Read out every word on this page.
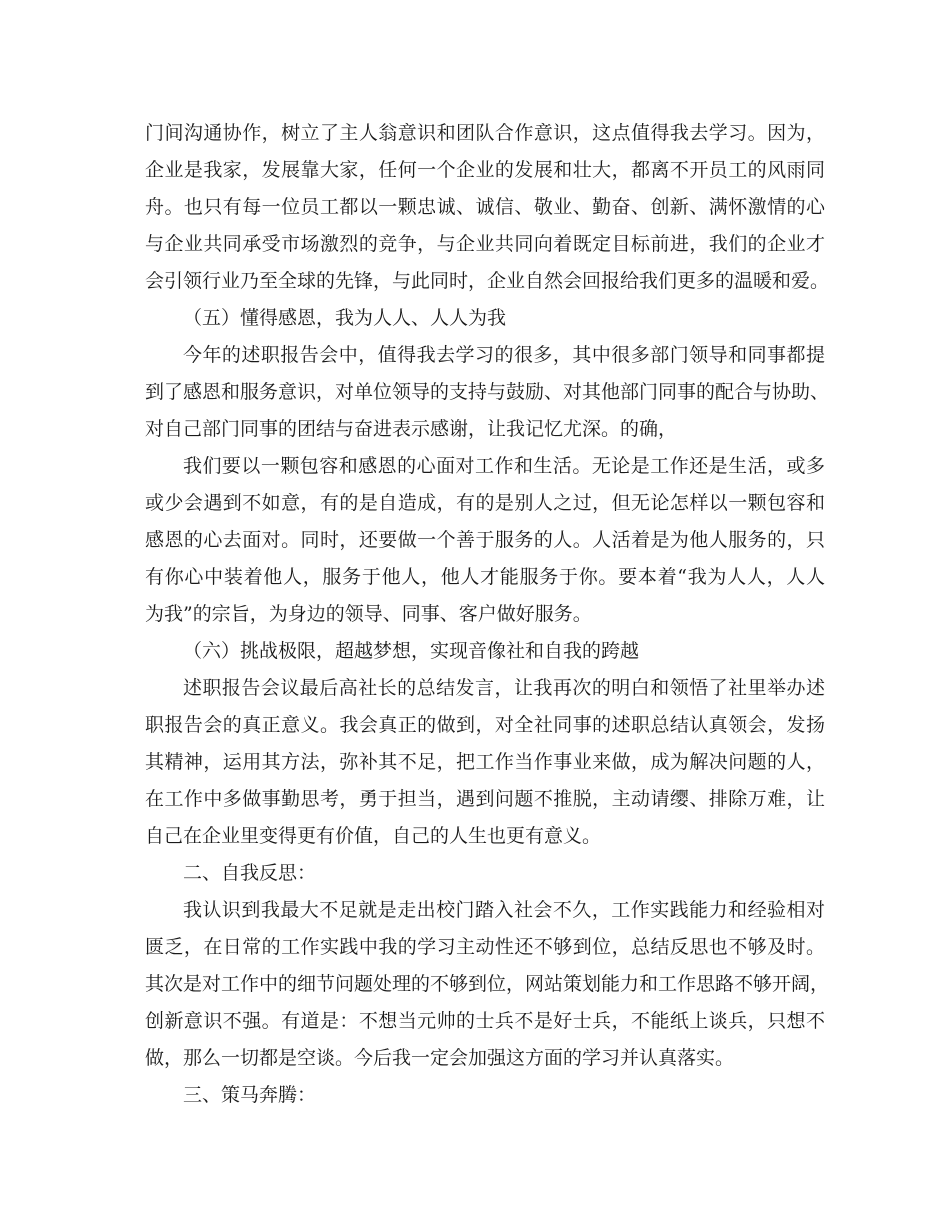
门间沟通协作，树立了主人翁意识和团队合作意识，这点值得我去学习。因为，
企业是我家，发展靠大家，任何一个企业的发展和壮大，都离不开员工的风雨同
舟。也只有每一位员工都以一颗忠诚、诚信、敬业、勤奋、创新、满怀激情的心
与企业共同承受市场激烈的竞争，与企业共同向着既定目标前进，我们的企业才
会引领行业乃至全球的先锋，与此同时，企业自然会回报给我们更多的温暖和爱。
（五）懂得感恩，我为人人、人人为我
今年的述职报告会中，值得我去学习的很多，其中很多部门领导和同事都提
到了感恩和服务意识，对单位领导的支持与鼓励、对其他部门同事的配合与协助、
对自己部门同事的团结与奋进表示感谢，让我记忆尤深。的确，
我们要以一颗包容和感恩的心面对工作和生活。无论是工作还是生活，或多
或少会遇到不如意，有的是自造成，有的是别人之过，但无论怎样以一颗包容和
感恩的心去面对。同时，还要做一个善于服务的人。人活着是为他人服务的，只
有你心中装着他人，服务于他人，他人才能服务于你。要本着“我为人人，人人
为我”的宗旨，为身边的领导、同事、客户做好服务。
（六）挑战极限，超越梦想，实现音像社和自我的跨越
述职报告会议最后高社长的总结发言，让我再次的明白和领悟了社里举办述
职报告会的真正意义。我会真正的做到，对全社同事的述职总结认真领会，发扬
其精神，运用其方法，弥补其不足，把工作当作事业来做，成为解决问题的人，
在工作中多做事勤思考，勇于担当，遇到问题不推脱，主动请缨、排除万难，让
自己在企业里变得更有价值，自己的人生也更有意义。
二、自我反思：
我认识到我最大不足就是走出校门踏入社会不久，工作实践能力和经验相对
匮乏，在日常的工作实践中我的学习主动性还不够到位，总结反思也不够及时。
其次是对工作中的细节问题处理的不够到位，网站策划能力和工作思路不够开阔，
创新意识不强。有道是：不想当元帅的士兵不是好士兵，不能纸上谈兵，只想不
做，那么一切都是空谈。今后我一定会加强这方面的学习并认真落实。
三、策马奔腾：
